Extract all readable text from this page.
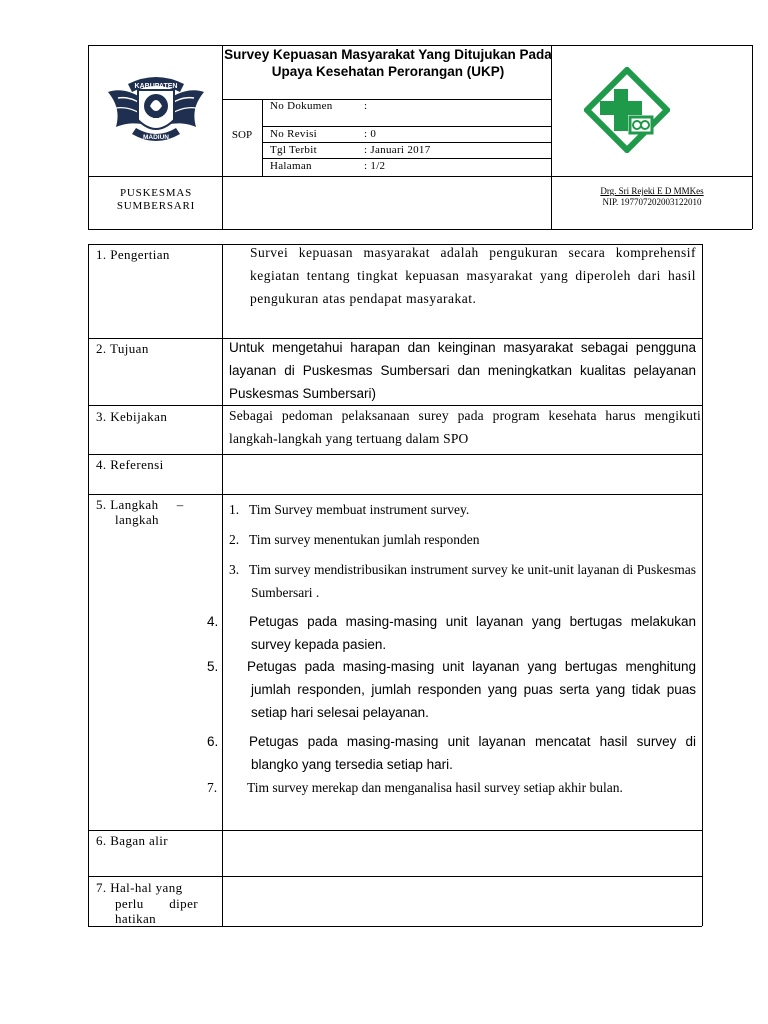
KABUPATEN
MADIUN
Survey Kepuasan Masyarakat Yang Ditujukan Pada Upaya Kesehatan Perorangan (UKP)
SOP
No Dokumen	:
No Revisi	: 0
Tgl Terbit	: Januari 2017
Halaman	: 1/2
PUSKESMAS SUMBERSARI
Drg. Sri Rejeki E D MMKes
NIP. 197707202003122010
1. Pengertian	Survei kepuasan masyarakat adalah pengukuran secara komprehensif kegiatan tentang tingkat kepuasan masyarakat yang diperoleh dari hasil pengukuran atas pendapat masyarakat.
2. Tujuan	Untuk mengetahui harapan dan keinginan masyarakat sebagai pengguna layanan di Puskesmas Sumbersari dan meningkatkan kualitas pelayanan Puskesmas Sumbersari)
3. Kebijakan	Sebagai pedoman pelaksanaan surey pada program kesehata harus mengikuti langkah-langkah yang tertuang dalam SPO
4. Referensi
5. Langkah     –
langkah
1. Tim Survey membuat instrument survey.
2. Tim survey menentukan jumlah responden
3. Tim survey mendistribusikan instrument survey ke unit-unit layanan di Puskesmas Sumbersari .
4. Petugas pada masing-masing unit layanan yang bertugas melakukan survey kepada pasien.
5. Petugas pada masing-masing unit layanan yang bertugas menghitung jumlah responden, jumlah responden yang puas serta yang tidak puas setiap hari selesai pelayanan.
6. Petugas pada masing-masing unit layanan mencatat hasil survey di blangko yang tersedia setiap hari.
7. Tim survey merekap dan menganalisa hasil survey setiap akhir bulan.
6. Bagan alir
7. Hal-hal yang
perlu       diper
hatikan
